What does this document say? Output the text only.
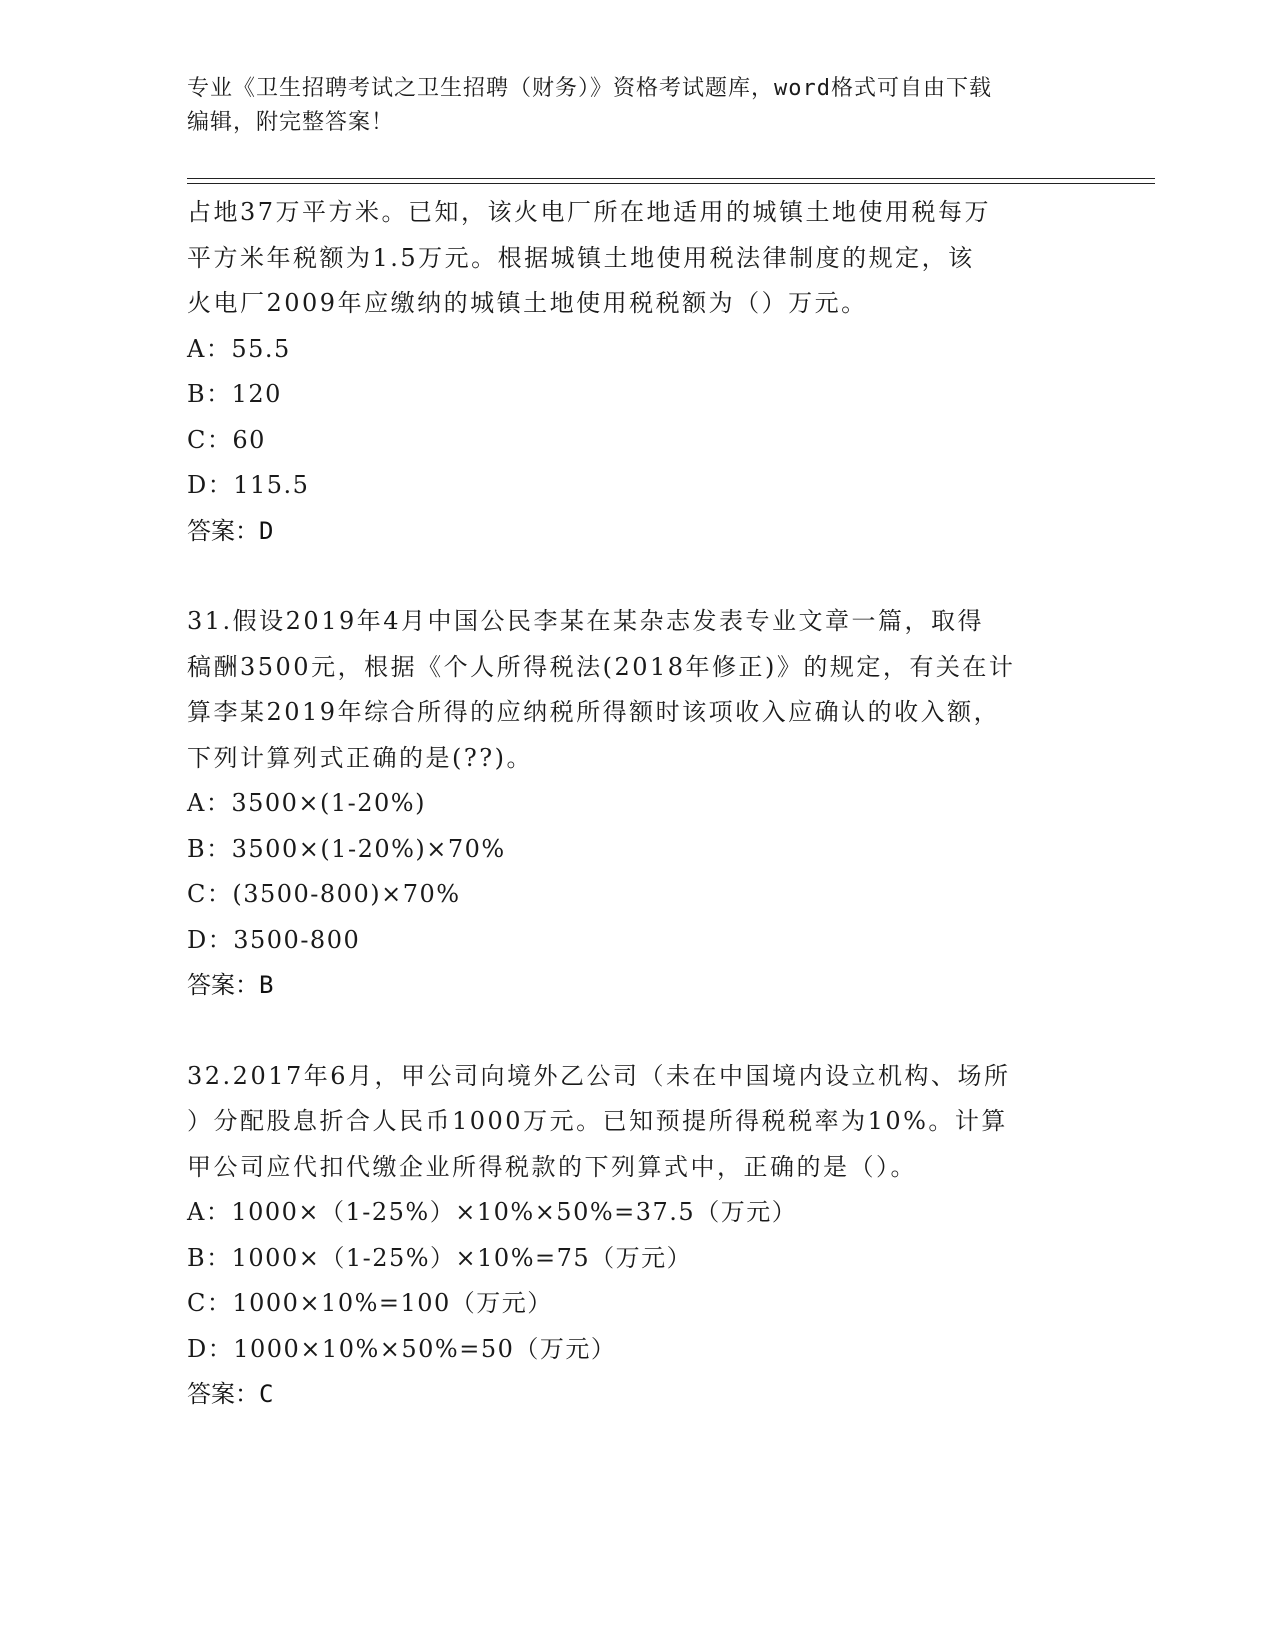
专业《卫生招聘考试之卫生招聘（财务）》资格考试题库，word格式可自由下载
编辑，附完整答案！

占地37万平方米。已知，该火电厂所在地适用的城镇土地使用税每万
平方米年税额为1.5万元。根据城镇土地使用税法律制度的规定，该
火电厂2009年应缴纳的城镇土地使用税税额为（）万元。

A：55.5

B：120

C：60

D：115.5

答案：D

31.假设2019年4月中国公民李某在某杂志发表专业文章一篇，取得
稿酬3500元，根据《个人所得税法(2018年修正)》的规定，有关在计
算李某2019年综合所得的应纳税所得额时该项收入应确认的收入额，
下列计算列式正确的是(??)。

A：3500×(1-20%)

B：3500×(1-20%)×70%

C：(3500-800)×70%

D：3500-800

答案：B

32.2017年6月，甲公司向境外乙公司（未在中国境内设立机构、场所
）分配股息折合人民币1000万元。已知预提所得税税率为10%。计算
甲公司应代扣代缴企业所得税款的下列算式中，正确的是（）。

A：1000×（1-25%）×10%×50%=37.5（万元）

B：1000×（1-25%）×10%=75（万元）

C：1000×10%=100（万元）

D：1000×10%×50%=50（万元）

答案：C
